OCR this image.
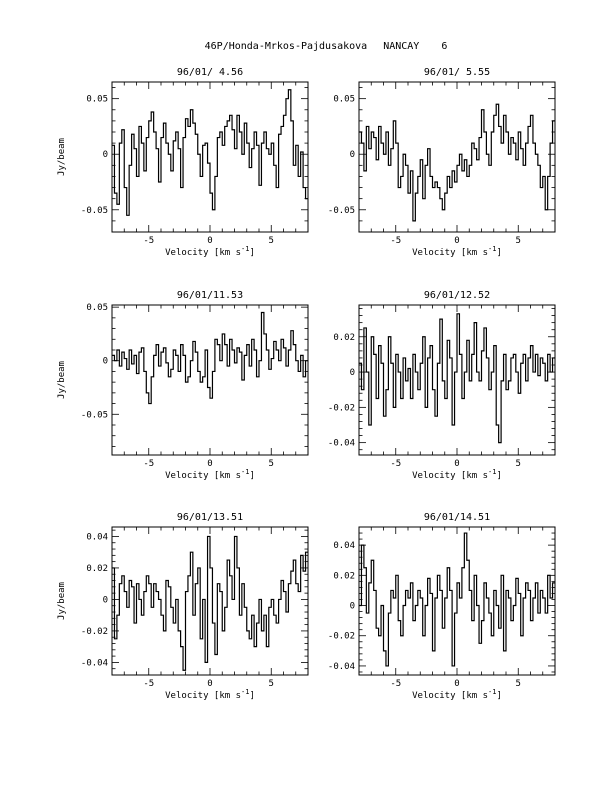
46P/Honda-Mrkos-Pajdusakova NANCAY 6
-5	0	5
-0.05
0
0.05
96/01/ 4.56
Velocity [km $s^{-1}$]
Jy/beam
-5	0	5
-0.05
0
0.05
96/01/ 5.55
Velocity [km $s^{-1}$]
-5	0	5
-0.05
0
0.05
96/01/11.53
Velocity [km $s^{-1}$]
Jy/beam
-5	0	5
-0.04
-0.02
0
0.02
96/01/12.52
Velocity [km $s^{-1}$]
-5	0	5
-0.04
-0.02
0
0.02
0.04
96/01/13.51
Velocity [km $s^{-1}$]
Jy/beam
-5	0	5
-0.04
-0.02
0
0.02
0.04
96/01/14.51
Velocity [km $s^{-1}$]
